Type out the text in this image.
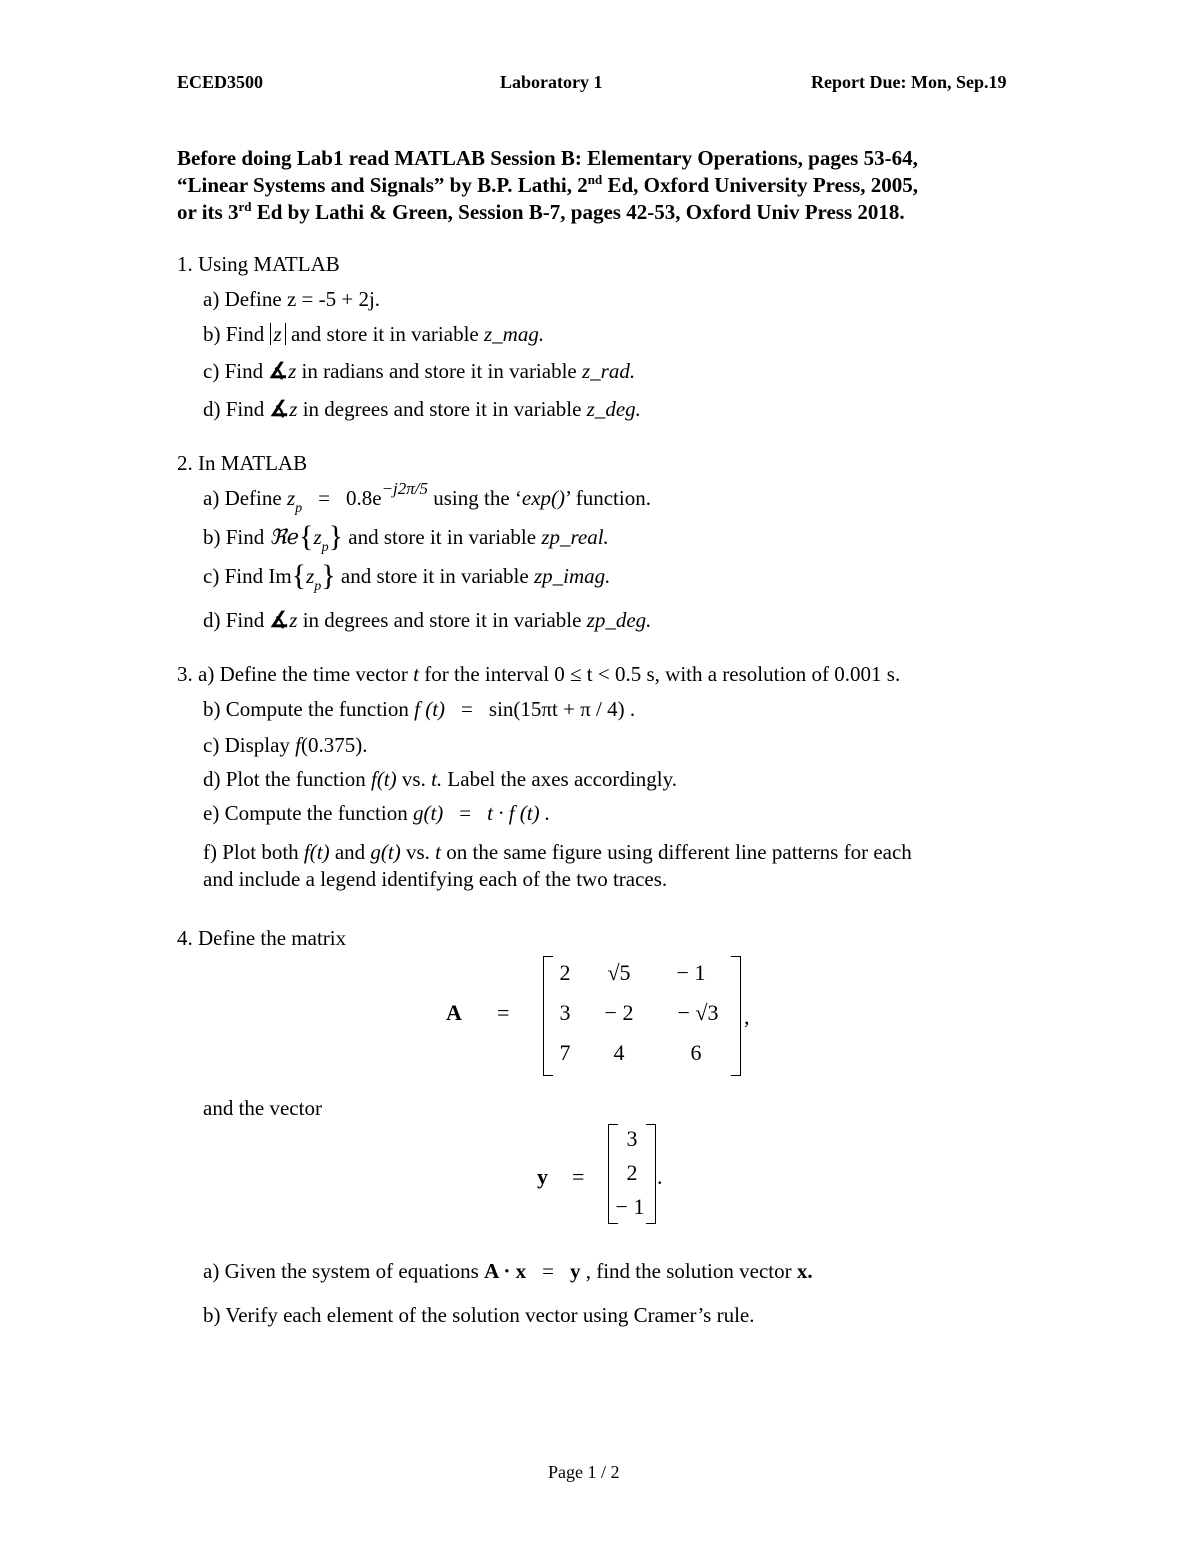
ECED3500	Laboratory 1	Report Due: Mon, Sep.19

Before doing Lab1 read MATLAB Session B: Elementary Operations, pages 53-64,

“Linear Systems and Signals” by B.P. Lathi, 2nd Ed, Oxford University Press, 2005,

or its 3rd Ed by Lathi & Green, Session B-7, pages 42-53, Oxford Univ Press 2018.

1. Using MATLAB
a) Define z = -5 + 2j.
b) Find z and store it in variable z_mag.
c) Find ∡z in radians and store it in variable z_rad.
d) Find ∡z in degrees and store it in variable z_deg.
2. In MATLAB
a) Define $z_p = 0.8e^{-j2\pi/5}$ using the ‘exp()’ function.
b) Find $ℜe\{z_p\}$ and store it in variable zp_real.
c) Find $Im\{z_p\}$ and store it in variable zp_imag.
d) Find ∡z in degrees and store it in variable zp_deg.
3. a) Define the time vector t for the interval 0 ≤ t < 0.5 s, with a resolution of 0.001 s.
b) Compute the function f (t) = sin(15πt + π / 4) .
c) Display f(0.375).
d) Plot the function f(t) vs. t. Label the axes accordingly.
e) Compute the function g(t) = t · f (t) .
f) Plot both f(t) and g(t) vs. t on the same figure using different line patterns for each
and include a legend identifying each of the two traces.
4. Define the matrix
A =
2	√5	− 1
3	− 2	− √3
7	4	6
,
and the vector
y =
3
2
− 1
.
a) Given the system of equations A · x = y , find the solution vector x.
b) Verify each element of the solution vector using Cramer’s rule.
Page 1 / 2
